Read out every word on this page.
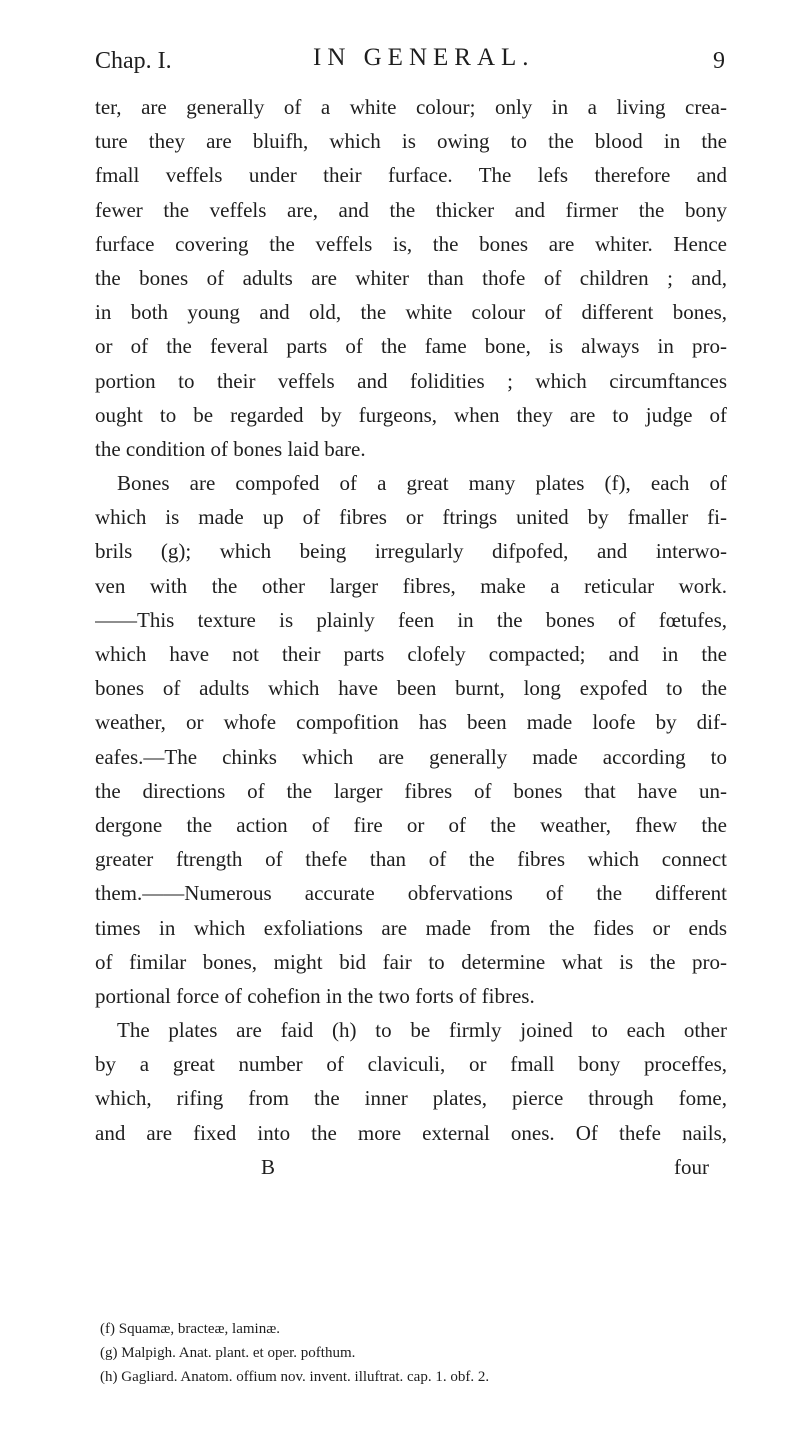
Chap. I.	IN GENERAL.	9
ter, are generally of a white colour; only in a living crea-
ture they are bluifh, which is owing to the blood in the
fmall veffels under their furface. The lefs therefore and
fewer the veffels are, and the thicker and firmer the bony
furface covering the veffels is, the bones are whiter. Hence
the bones of adults are whiter than thofe of children ; and,
in both young and old, the white colour of different bones,
or of the feveral parts of the fame bone, is always in pro-
portion to their veffels and folidities ; which circumftances
ought to be regarded by furgeons, when they are to judge of
the condition of bones laid bare.
Bones are compofed of a great many plates (f), each of
which is made up of fibres or ftrings united by fmaller fi-
brils (g); which being irregularly difpofed, and interwo-
ven with the other larger fibres, make a reticular work.
——This texture is plainly feen in the bones of fœtufes,
which have not their parts clofely compacted; and in the
bones of adults which have been burnt, long expofed to the
weather, or whofe compofition has been made loofe by dif-
eafes.—The chinks which are generally made according to
the directions of the larger fibres of bones that have un-
dergone the action of fire or of the weather, fhew the
greater ftrength of thefe than of the fibres which connect
them.——Numerous accurate obfervations of the different
times in which exfoliations are made from the fides or ends
of fimilar bones, might bid fair to determine what is the pro-
portional force of cohefion in the two forts of fibres.
The plates are faid (h) to be firmly joined to each other
by a great number of claviculi, or fmall bony proceffes,
which, rifing from the inner plates, pierce through fome,
and are fixed into the more external ones. Of thefe nails,
B	four
(f) Squamæ, bracteæ, laminæ.
(g) Malpigh. Anat. plant. et oper. pofthum.
(h) Gagliard. Anatom. offium nov. invent. illuftrat. cap. 1. obf. 2.
